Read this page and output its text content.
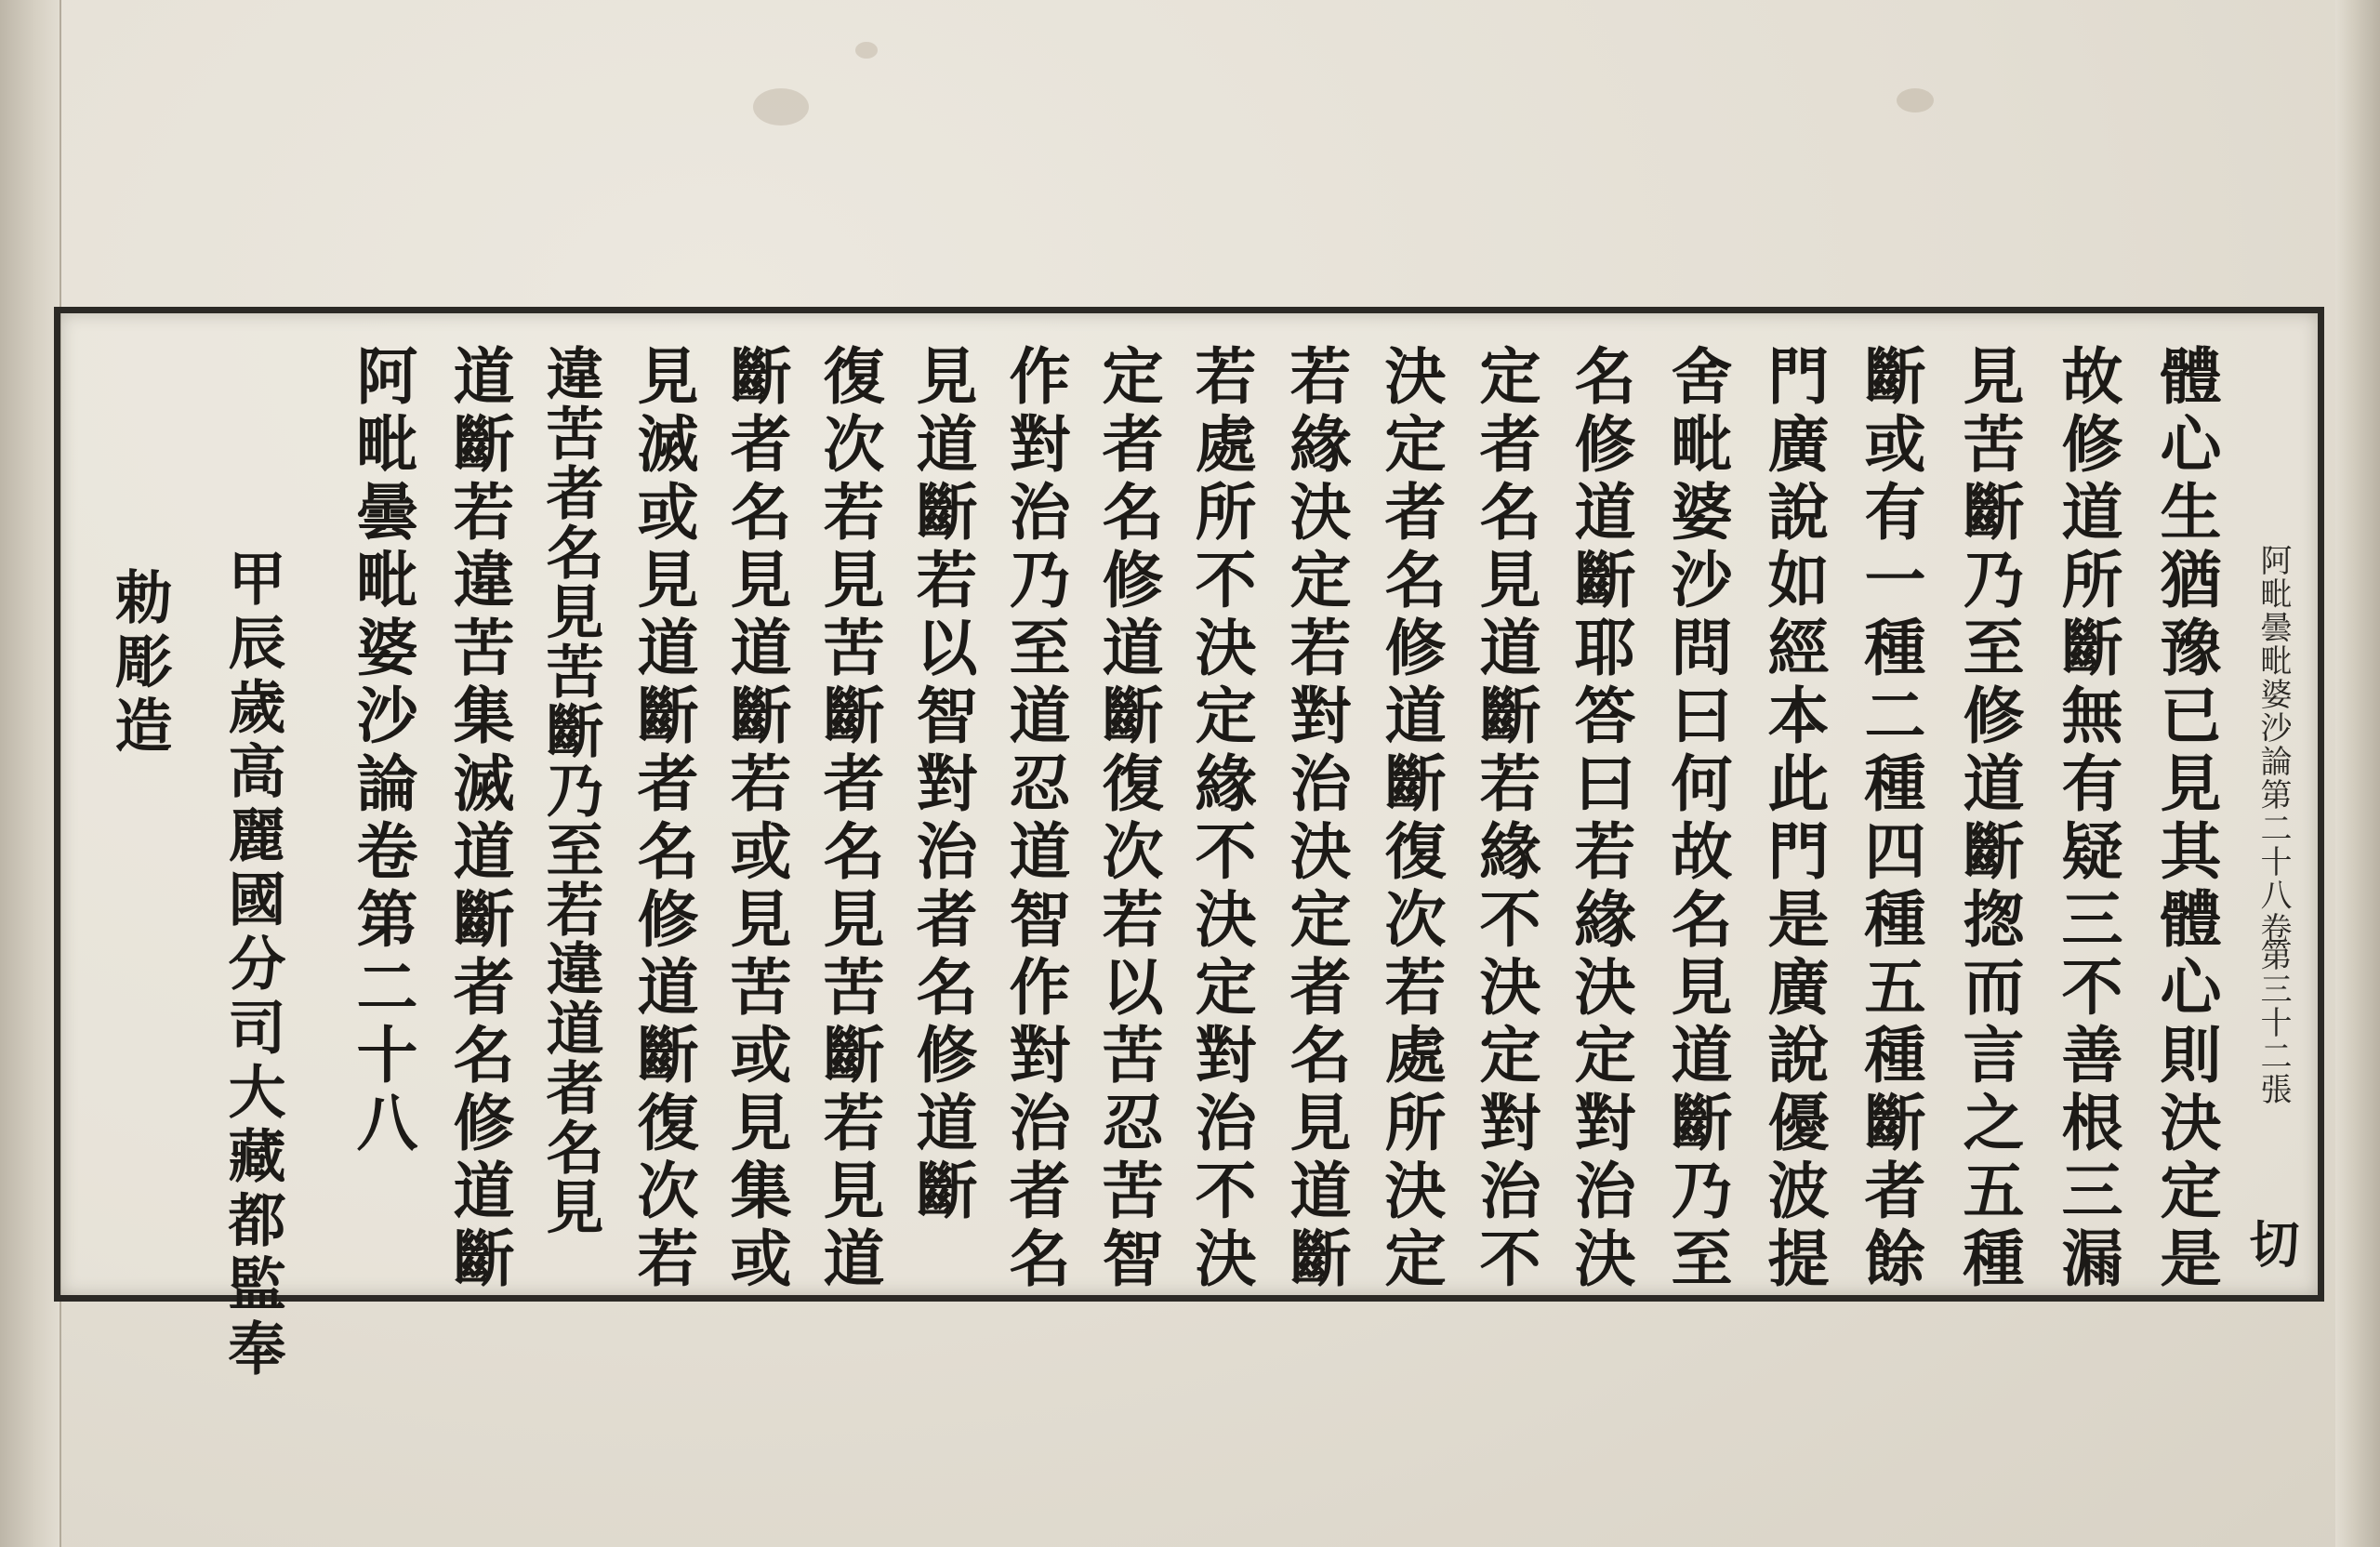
阿毗曇毗婆沙論第二十八卷
第三十二張
切
體心生猶豫已見其體心則決定是
故修道所斷無有疑三不善根三漏
見苦斷乃至修道斷揔而言之五種
斷或有一種二種四種五種斷者餘
門廣說如經本此門是廣說優波提
舍毗婆沙問曰何故名見道斷乃至
名修道斷耶答曰若緣決定對治決
定者名見道斷若緣不決定對治不
決定者名修道斷復次若處所決定
若緣決定若對治決定者名見道斷
若處所不決定緣不決定對治不決
定者名修道斷復次若以苦忍苦智
作對治乃至道忍道智作對治者名
見道斷若以智對治者名修道斷
復次若見苦斷者名見苦斷若見道
斷者名見道斷若或見苦或見集或
見滅或見道斷者名修道斷復次若
違苦者名見苦斷乃至若違道者名見
道斷若違苦集滅道斷者名修道斷
阿毗曇毗婆沙論卷第二十八
甲辰歲高麗國分司大藏都監奉
勅彫造
